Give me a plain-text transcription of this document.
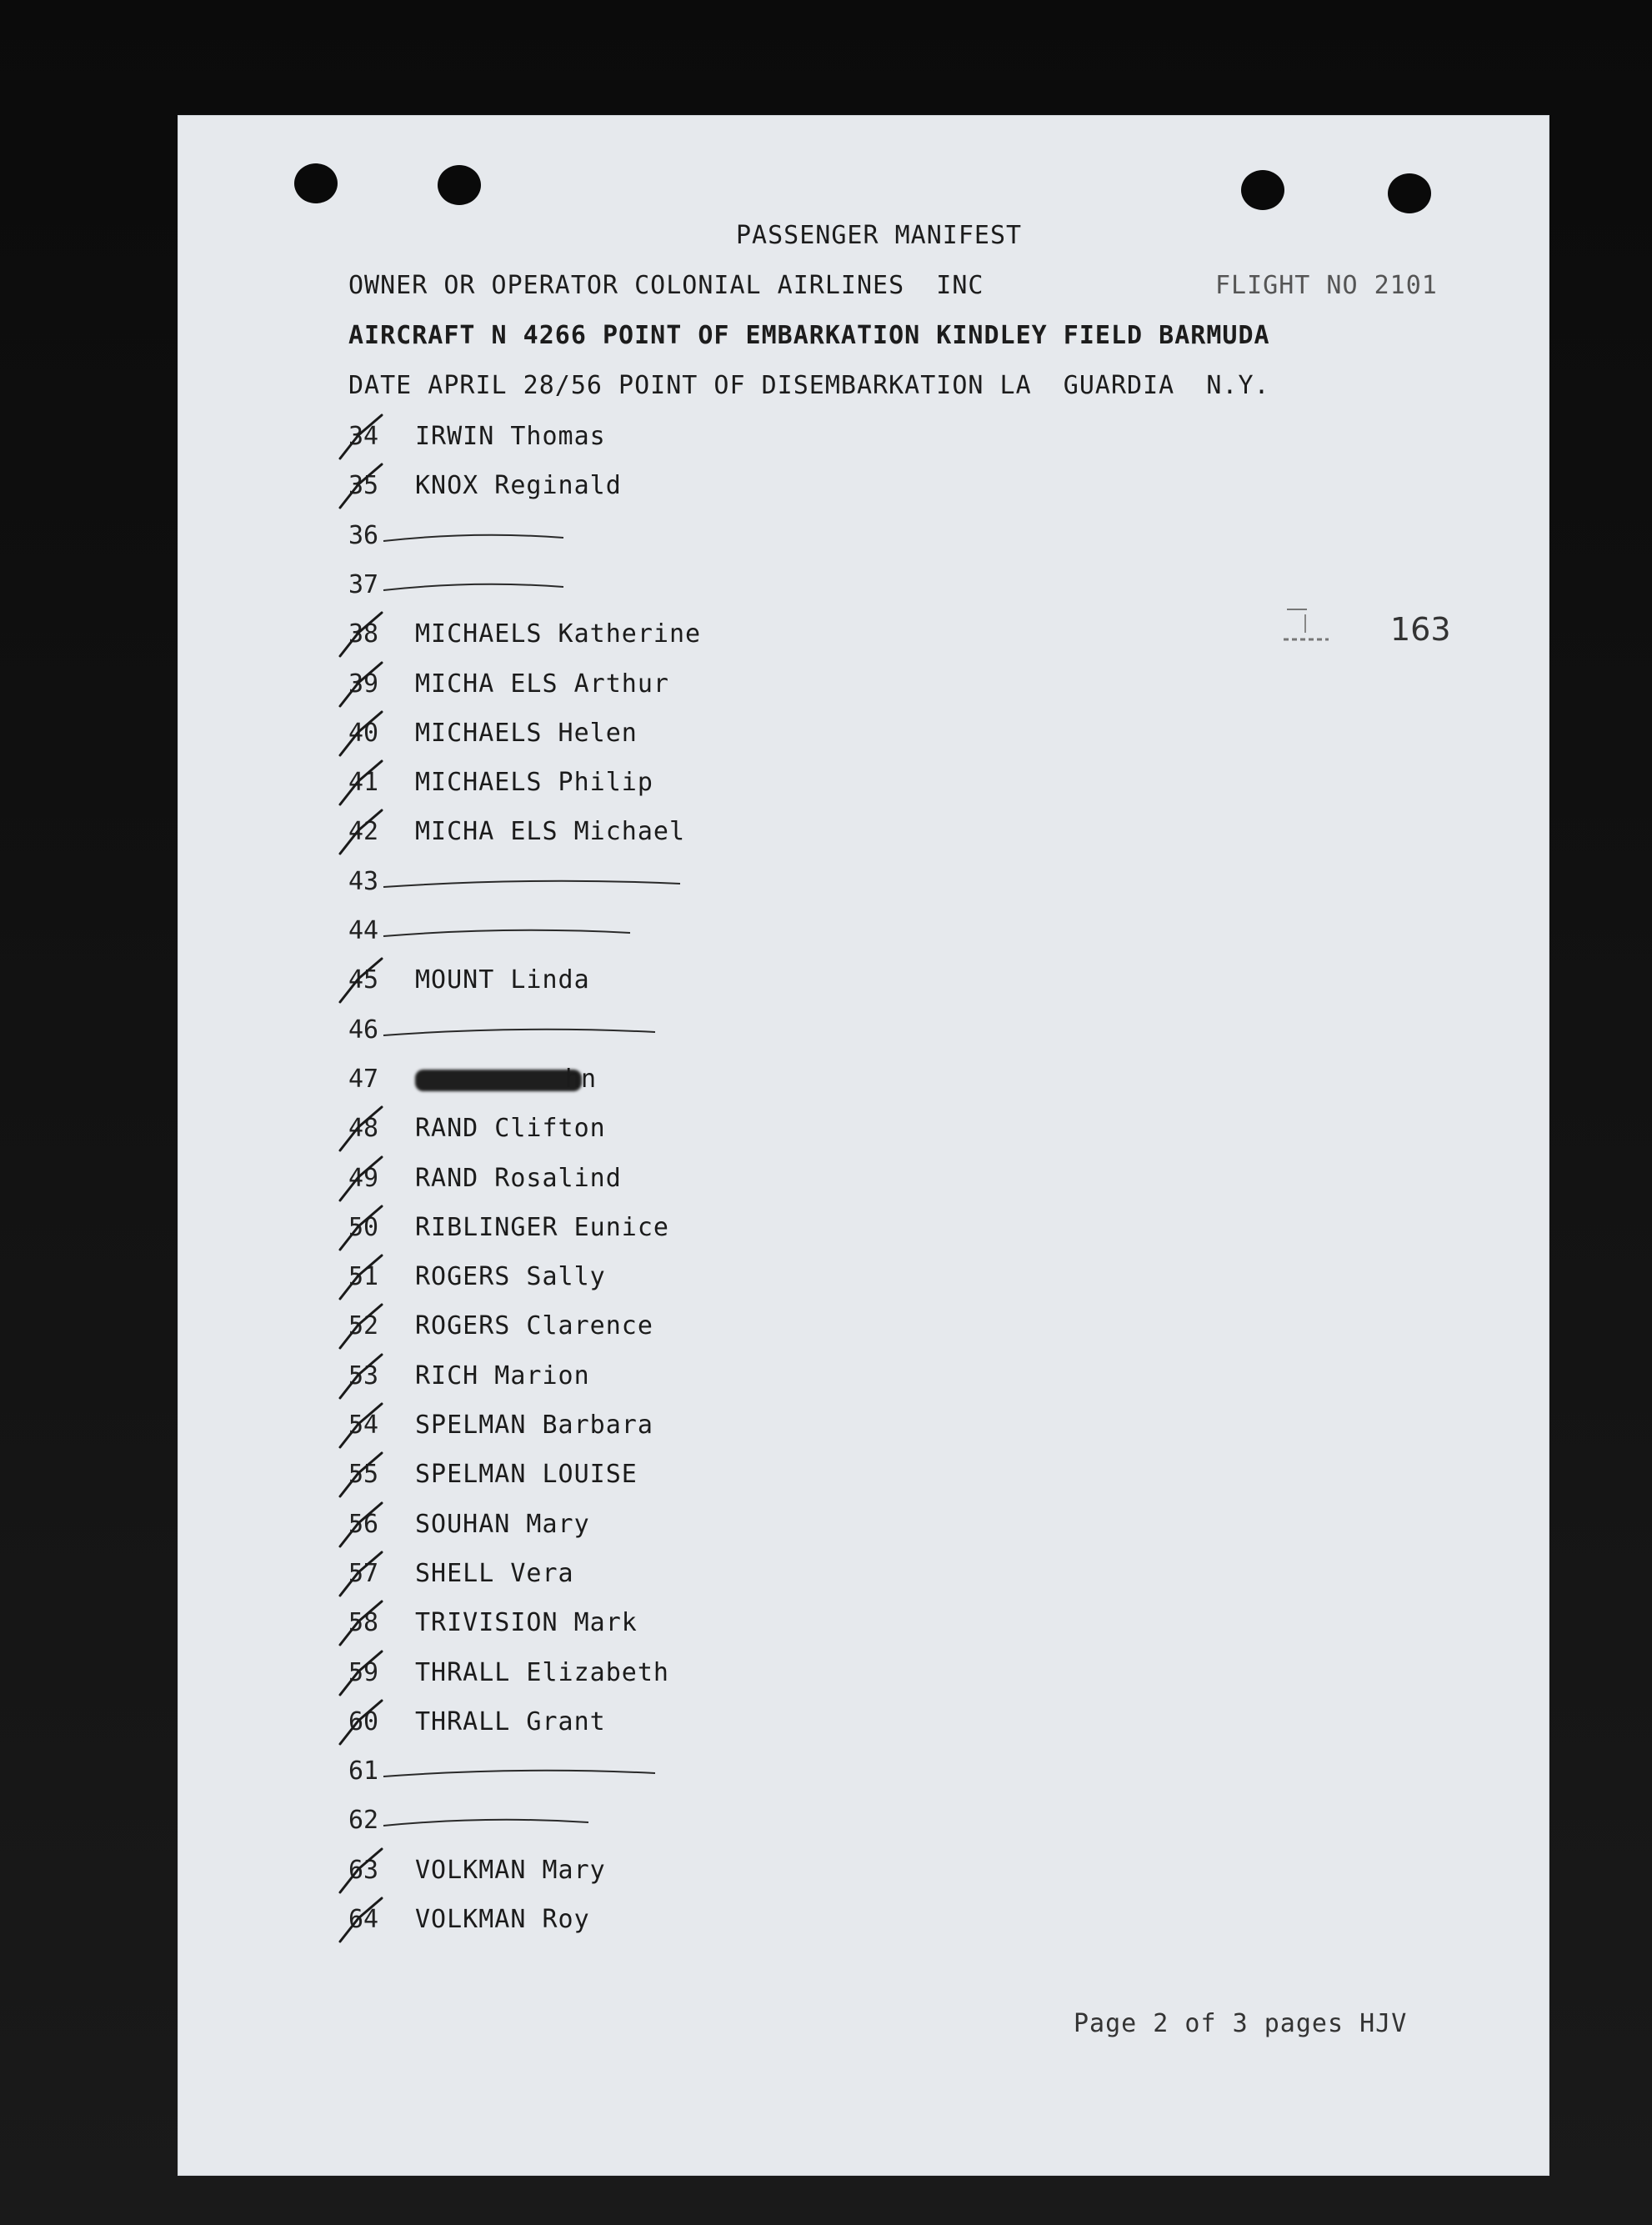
PASSENGER MANIFEST
OWNER OR OPERATOR COLONIAL AIRLINES  INC	FLIGHT NO 2101
AIRCRAFT N 4266 POINT OF EMBARKATION KINDLEY FIELD BARMUDA
DATE APRIL 28/56 POINT OF DISEMBARKATION LA  GUARDIA  N.Y.
163
34 IRWIN Thomas
35 KNOX Reginald
36
37
38 MICHAELS Katherine
39 MICHA ELS Arthur
40 MICHAELS Helen
41 MICHAELS Philip
42 MICHA ELS Michael
43
44
45 MOUNT Linda
46
47	hn
48 RAND Clifton
49 RAND Rosalind
50 RIBLINGER Eunice
51 ROGERS Sally
52 ROGERS Clarence
53 RICH Marion
54 SPELMAN Barbara
55 SPELMAN LOUISE
56 SOUHAN Mary
57 SHELL Vera
58 TRIVISION Mark
59 THRALL Elizabeth
60 THRALL Grant
61
62
63 VOLKMAN Mary
64 VOLKMAN Roy
Page 2 of 3 pages HJV
